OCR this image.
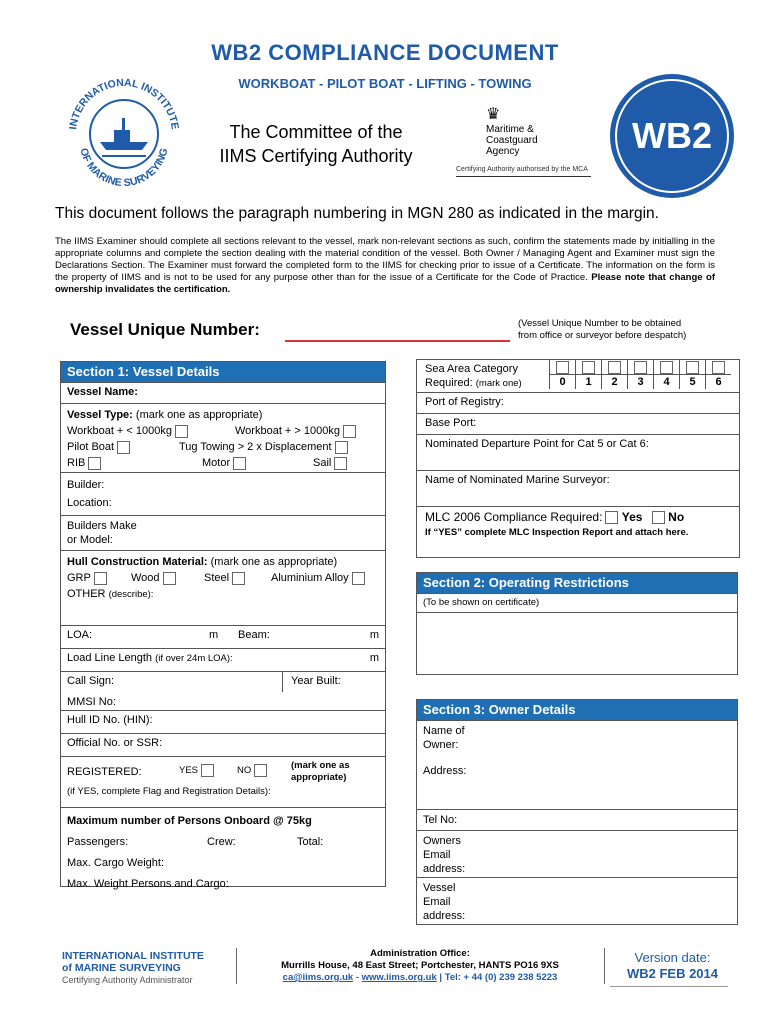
WB2 COMPLIANCE DOCUMENT
WORKBOAT - PILOT BOAT - LIFTING - TOWING
INTERNATIONAL INSTITUTE
OF MARINE SURVEYING
The Committee of the
IIMS Certifying Authority
♛
Maritime &
Coastguard
Agency
Certifying Authority authorised by the MCA
WB2
This document follows the paragraph numbering in MGN 280 as indicated in the margin.
The IIMS Examiner should complete all sections relevant to the vessel, mark non-relevant sections as such, confirm the statements made by initialling in the appropriate columns and complete the section dealing with the material condition of the vessel. Both Owner / Managing Agent and Examiner must sign the Declarations Section. The Examiner must forward the completed form to the IIMS for checking prior to issue of a Certificate. The information on the form is the property of IIMS and is not to be used for any purpose other than for the issue of a Certificate for the Code of Practice. Please note that change of ownership invalidates the certification.
Vessel Unique Number:	(Vessel Unique Number to be obtained
from office or surveyor before despatch)
Section 1: Vessel Details
Vessel Name:
Vessel Type: (mark one as appropriate)
Workboat + < 1000kg	Workboat + > 1000kg
Pilot Boat	Tug Towing > 2 x Displacement
RIB	Motor	Sail
Builder:
Location:
Builders Make
or Model:
Hull Construction Material: (mark one as appropriate)
GRP	Wood	Steel	Aluminium Alloy
OTHER (describe):
LOA:	m Beam:	m
Load Line Length (if over 24m LOA):	m
Call Sign:	Year Built:
MMSI No:
Hull ID No. (HIN):
Official No. or SSR:
REGISTERED:	YES	NO	(mark one as
appropriate)
(if YES, complete Flag and Registration Details):
Maximum number of Persons Onboard @ 75kg
Passengers:	Crew:	Total:
Max. Cargo Weight:
Max. Weight Persons and Cargo:
Sea Area Category
Required: (mark one)
							0	1	2	3	4	5	6
Port of Registry:
Base Port:
Nominated Departure Point for Cat 5 or Cat 6:
Name of Nominated Marine Surveyor:
MLC 2006 Compliance Required: Yes No
If “YES” complete MLC Inspection Report and attach here.
Section 2: Operating Restrictions
(To be shown on certificate)
Section 3: Owner Details
Name of
Owner:
Address:
Tel No:
Owners
Email
address:
Vessel
Email
address:
INTERNATIONAL INSTITUTE
of MARINE SURVEYING
Certifying Authority Administrator
Administration Office:
Murrills House, 48 East Street; Portchester, HANTS PO16 9XS
ca@iims.org.uk - www.iims.org.uk | Tel: + 44 (0) 239 238 5223
Version date:
WB2 FEB 2014
